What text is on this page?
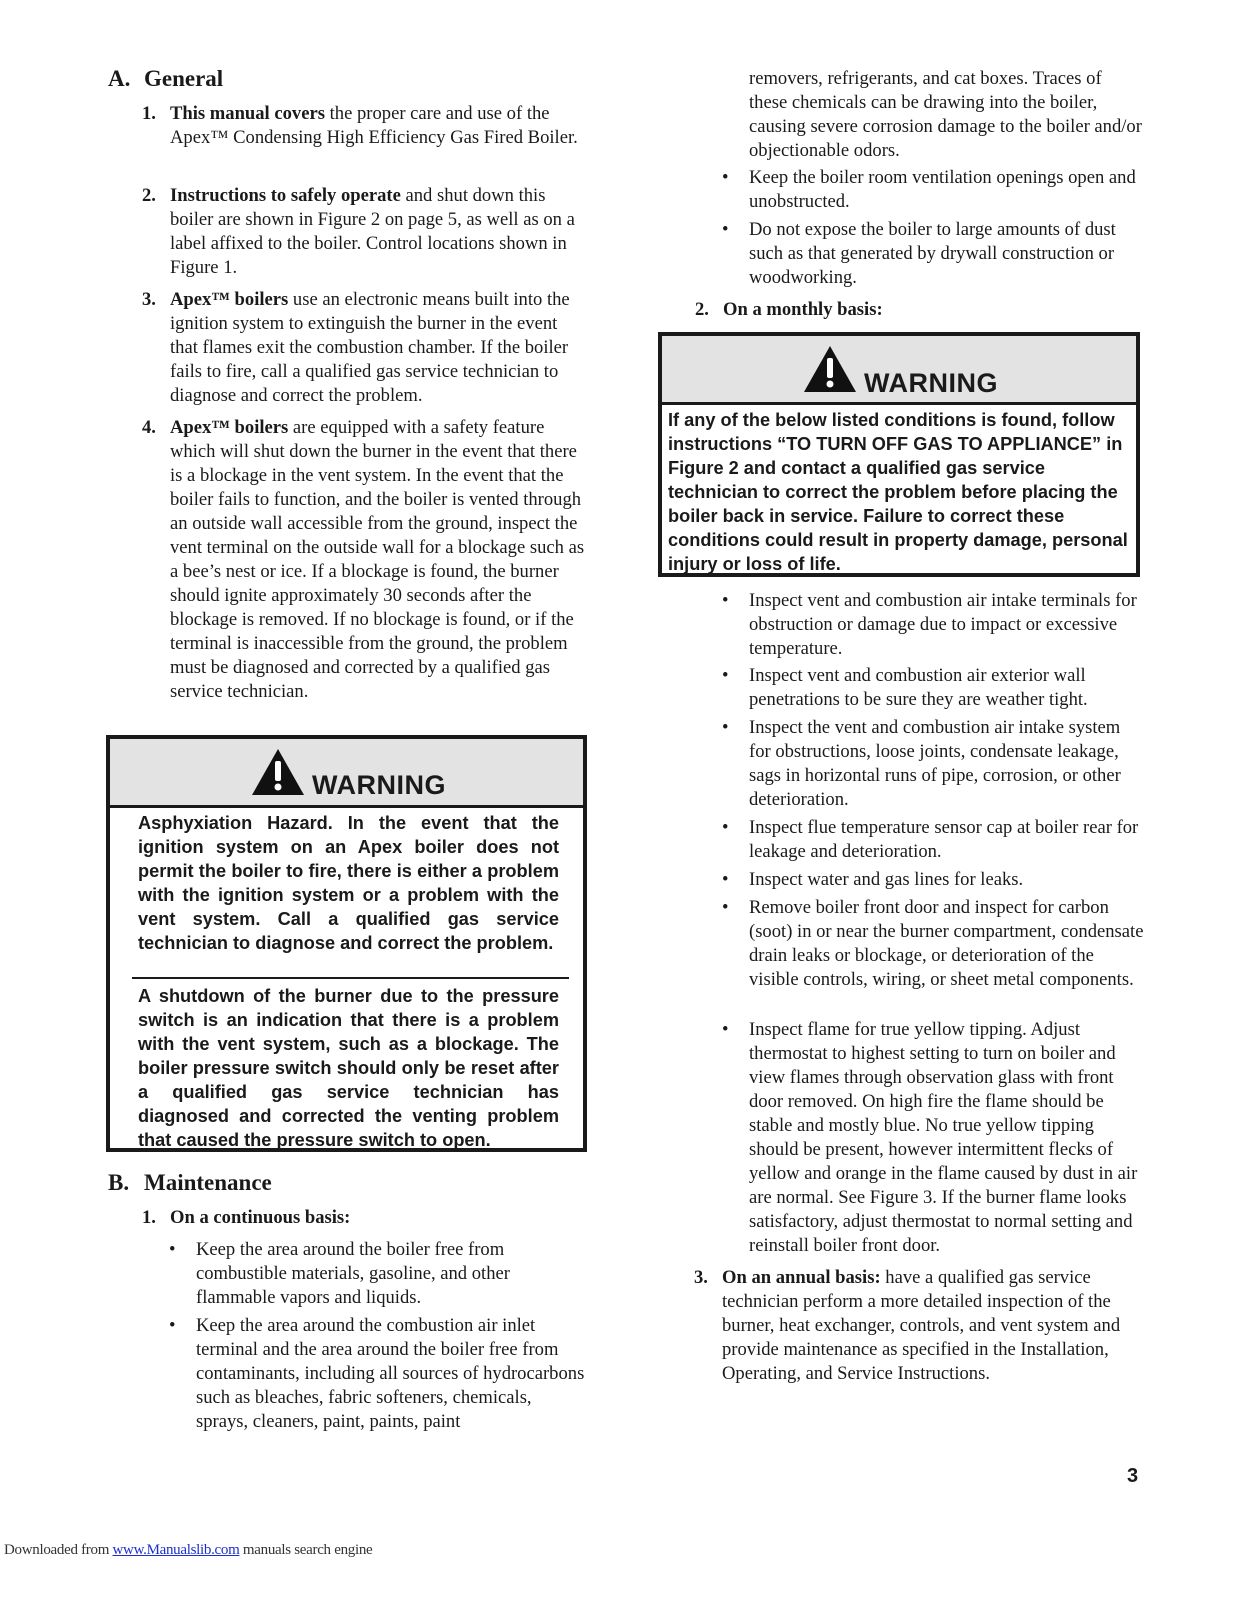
A. General
1. This manual covers the proper care and use of the Apex™ Condensing High Efficiency Gas Fired Boiler.
2. Instructions to safely operate and shut down this boiler are shown in Figure 2 on page 5, as well as on a label affixed to the boiler. Control locations shown in Figure 1.
3. Apex™ boilers use an electronic means built into the ignition system to extinguish the burner in the event that flames exit the combustion chamber. If the boiler fails to fire, call a qualified gas service technician to diagnose and correct the problem.
4. Apex™ boilers are equipped with a safety feature which will shut down the burner in the event that there is a blockage in the vent system. In the event that the boiler fails to function, and the boiler is vented through an outside wall accessible from the ground, inspect the vent terminal on the outside wall for a blockage such as a bee’s nest or ice. If a blockage is found, the burner should ignite approximately 30 seconds after the blockage is removed. If no blockage is found, or if the terminal is inaccessible from the ground, the problem must be diagnosed and corrected by a qualified gas service technician.
WARNING
Asphyxiation Hazard. In the event that the ignition system on an Apex boiler does not permit the boiler to fire, there is either a problem with the ignition system or a problem with the vent system. Call a qualified gas service technician to diagnose and correct the problem.
A shutdown of the burner due to the pressure switch is an indication that there is a problem with the vent system, such as a blockage. The boiler pressure switch should only be reset after a qualified gas service technician has diagnosed and corrected the venting problem that caused the pressure switch to open.
B. Maintenance
1. On a continuous basis:
• Keep the area around the boiler free from combustible materials, gasoline, and other flammable vapors and liquids.
• Keep the area around the combustion air inlet terminal and the area around the boiler free from contaminants, including all sources of hydrocarbons such as bleaches, fabric softeners, chemicals, sprays, cleaners, paint, paints, paint
removers, refrigerants, and cat boxes. Traces of these chemicals can be drawing into the boiler, causing severe corrosion damage to the boiler and/or objectionable odors.
• Keep the boiler room ventilation openings open and unobstructed.
• Do not expose the boiler to large amounts of dust such as that generated by drywall construction or woodworking.
2. On a monthly basis:
WARNING
If any of the below listed conditions is found, follow instructions “TO TURN OFF GAS TO APPLIANCE” in Figure 2 and contact a qualified gas service technician to correct the problem before placing the boiler back in service. Failure to correct these conditions could result in property damage, personal injury or loss of life.
• Inspect vent and combustion air intake terminals for obstruction or damage due to impact or excessive temperature.
• Inspect vent and combustion air exterior wall penetrations to be sure they are weather tight.
• Inspect the vent and combustion air intake system for obstructions, loose joints, condensate leakage, sags in horizontal runs of pipe, corrosion, or other deterioration.
• Inspect flue temperature sensor cap at boiler rear for leakage and deterioration.
• Inspect water and gas lines for leaks.
• Remove boiler front door and inspect for carbon (soot) in or near the burner compartment, condensate drain leaks or blockage, or deterioration of the visible controls, wiring, or sheet metal components.
• Inspect flame for true yellow tipping. Adjust thermostat to highest setting to turn on boiler and view flames through observation glass with front door removed. On high fire the flame should be stable and mostly blue. No true yellow tipping should be present, however intermittent flecks of yellow and orange in the flame caused by dust in air are normal. See Figure 3. If the burner flame looks satisfactory, adjust thermostat to normal setting and reinstall boiler front door.
3. On an annual basis: have a qualified gas service technician perform a more detailed inspection of the burner, heat exchanger, controls, and vent system and provide maintenance as specified in the Installation, Operating, and Service Instructions.
3
Downloaded from www.Manualslib.com manuals search engine
